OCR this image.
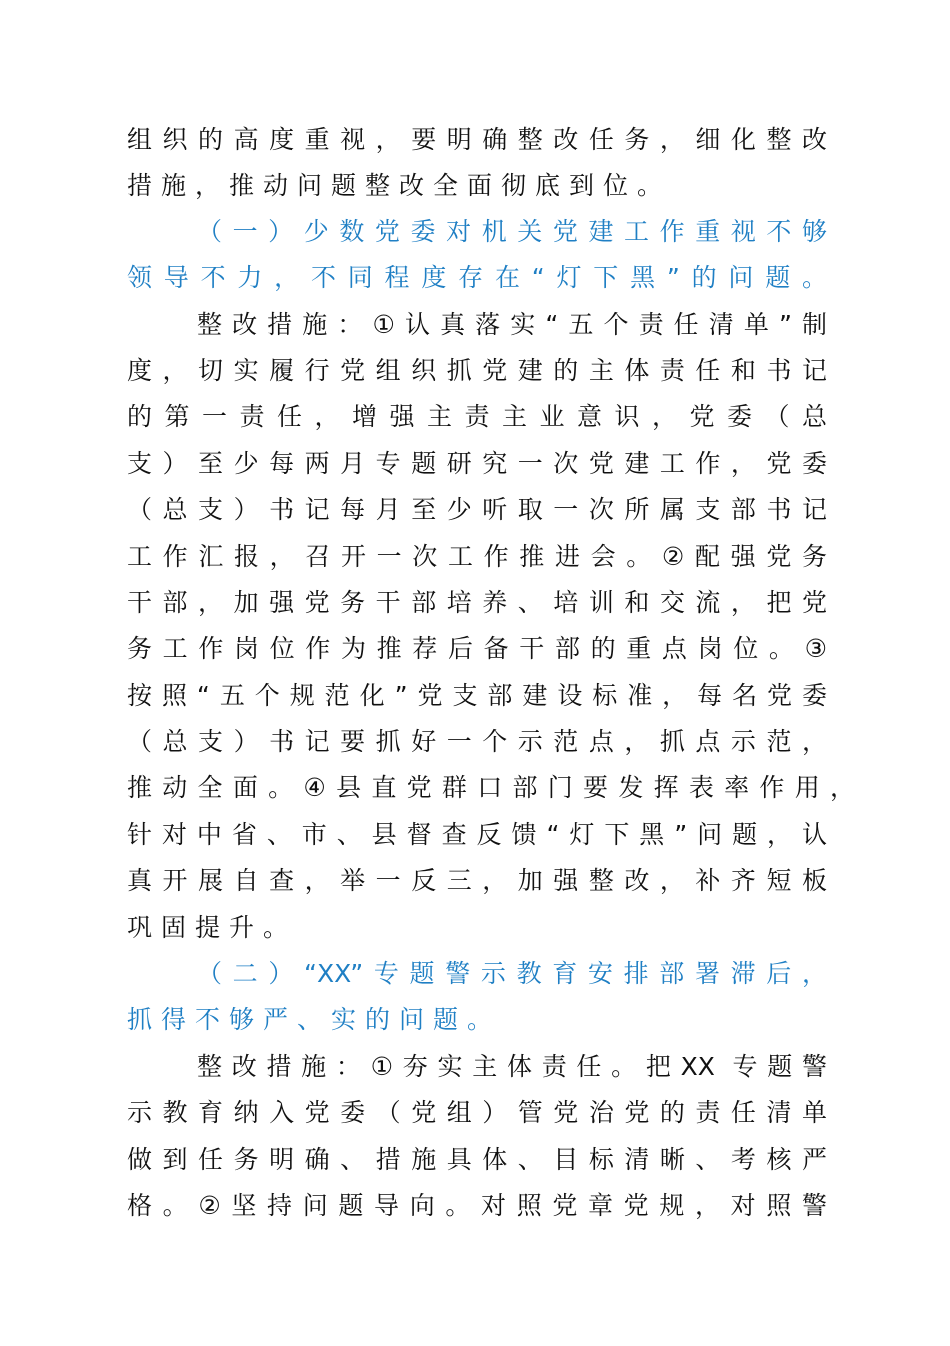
组织的高度重视，要明确整改任务，细化整改
措施，推动问题整改全面彻底到位。
（一）少数党委对机关党建工作重视不够
领导不力，不同程度存在“灯下黑”的问题。
整改措施：①认真落实“五个责任清单”制
度，切实履行党组织抓党建的主体责任和书记
的第一责任，增强主责主业意识，党委（总
支）至少每两月专题研究一次党建工作，党委
（总支）书记每月至少听取一次所属支部书记
工作汇报，召开一次工作推进会。②配强党务
干部，加强党务干部培养、培训和交流，把党
务工作岗位作为推荐后备干部的重点岗位。③
按照“五个规范化”党支部建设标准，每名党委
（总支）书记要抓好一个示范点，抓点示范，
推动全面。④县直党群口部门要发挥表率作用，
针对中省、市、县督查反馈“灯下黑”问题，认
真开展自查，举一反三，加强整改，补齐短板
巩固提升。
（二）“XX”专题警示教育安排部署滞后，
抓得不够严、实的问题。
整改措施：①夯实主体责任。把XX 专题警
示教育纳入党委（党组）管党治党的责任清单
做到任务明确、措施具体、目标清晰、考核严
格。②坚持问题导向。对照党章党规，对照警
